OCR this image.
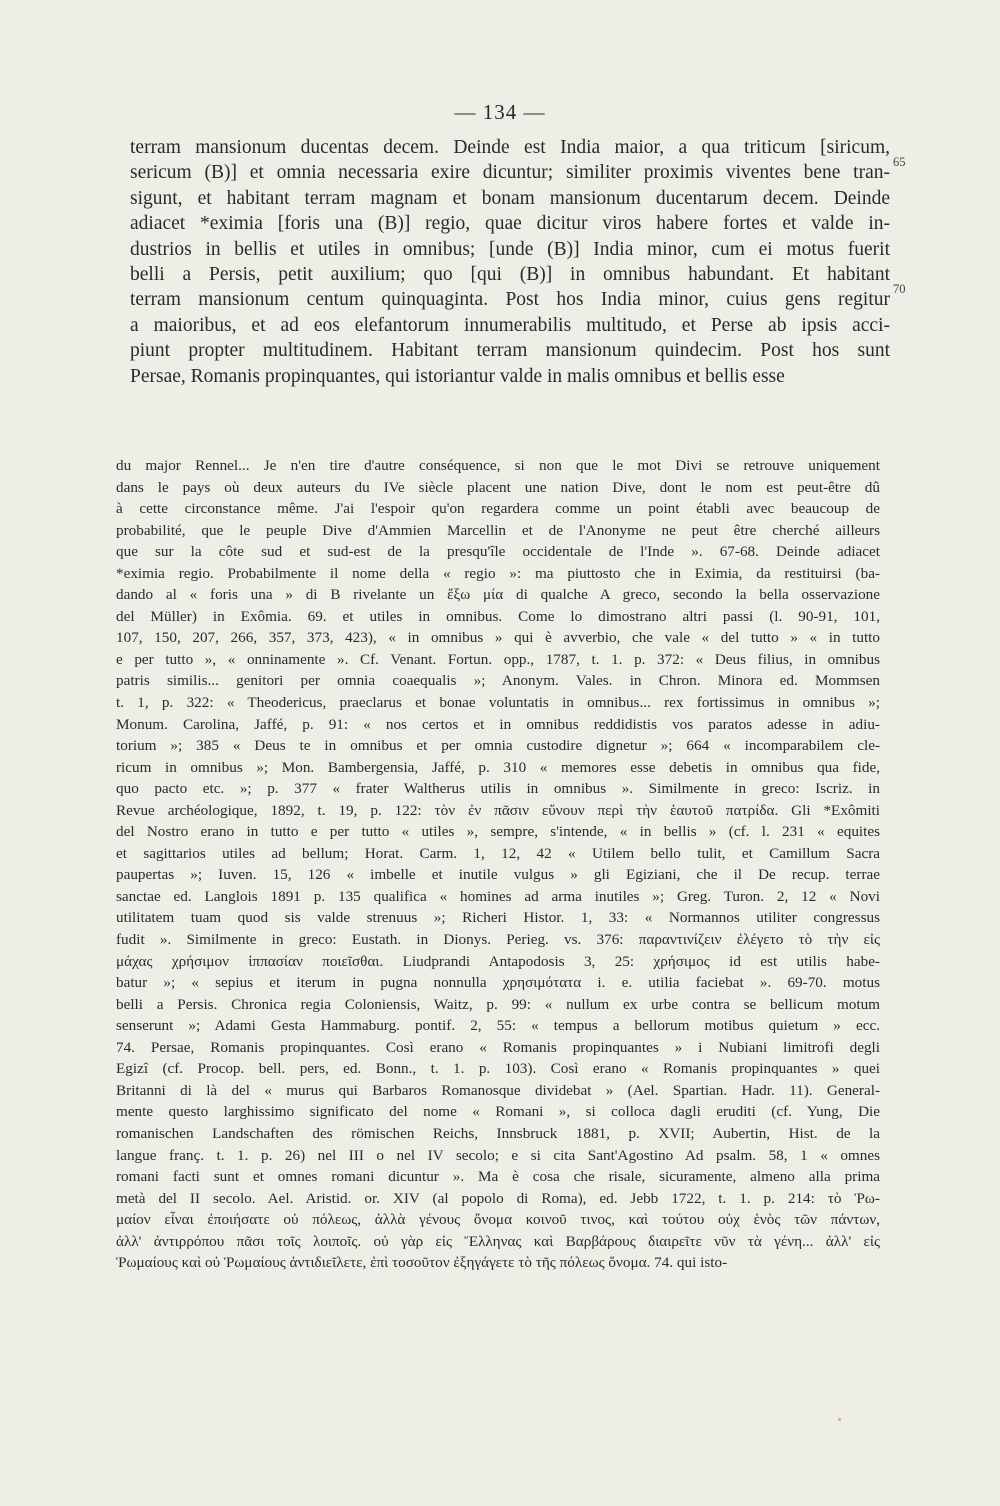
— 134 —
terram mansionum ducentas decem. Deinde est India maior, a qua triticum [siricum,
sericum (B)] et omnia necessaria exire dicuntur; similiter proximis viventes bene tran-
sigunt, et habitant terram magnam et bonam mansionum ducentarum decem. Deinde
adiacet *eximia [foris una (B)] regio, quae dicitur viros habere fortes et valde in-
dustrios in bellis et utiles in omnibus; [unde (B)] India minor, cum ei motus fuerit
belli a Persis, petit auxilium; quo [qui (B)] in omnibus habundant. Et habitant
terram mansionum centum quinquaginta. Post hos India minor, cuius gens regitur
a maioribus, et ad eos elefantorum innumerabilis multitudo, et Perse ab ipsis acci-
piunt propter multitudinem. Habitant terram mansionum quindecim. Post hos sunt
Persae, Romanis propinquantes, qui istoriantur valde in malis omnibus et bellis esse
65
70
du major Rennel... Je n'en tire d'autre conséquence, si non que le mot Divi se retrouve uniquement
dans le pays où deux auteurs du IVe siècle placent une nation Dive, dont le nom est peut-être dû
à cette circonstance même. J'ai l'espoir qu'on regardera comme un point établi avec beaucoup de
probabilité, que le peuple Dive d'Ammien Marcellin et de l'Anonyme ne peut être cherché ailleurs
que sur la côte sud et sud-est de la presqu'île occidentale de l'Inde ». 67-68. Deinde adiacet
*eximia regio. Probabilmente il nome della « regio »: ma piuttosto che in Eximia, da restituirsi (ba-
dando al « foris una » di B rivelante un ἔξω μία di qualche A greco, secondo la bella osservazione
del Müller) in Exômia. 69. et utiles in omnibus. Come lo dimostrano altri passi (l. 90-91, 101,
107, 150, 207, 266, 357, 373, 423), « in omnibus » qui è avverbio, che vale « del tutto » « in tutto
e per tutto », « onninamente ». Cf. Venant. Fortun. opp., 1787, t. 1. p. 372: « Deus filius, in omnibus
patris similis... genitori per omnia coaequalis »; Anonym. Vales. in Chron. Minora ed. Mommsen
t. 1, p. 322: « Theodericus, praeclarus et bonae voluntatis in omnibus... rex fortissimus in omnibus »;
Monum. Carolina, Jaffé, p. 91: « nos certos et in omnibus reddidistis vos paratos adesse in adiu-
torium »; 385 « Deus te in omnibus et per omnia custodire dignetur »; 664 « incomparabilem cle-
ricum in omnibus »; Mon. Bambergensia, Jaffé, p. 310 « memores esse debetis in omnibus qua fide,
quo pacto etc. »; p. 377 « frater Waltherus utilis in omnibus ». Similmente in greco: Iscriz. in
Revue archéologique, 1892, t. 19, p. 122: τὸν ἐν πᾶσιν εὔνουν περὶ τὴν ἑαυτοῦ πατρίδα. Gli *Exômiti
del Nostro erano in tutto e per tutto « utiles », sempre, s'intende, « in bellis » (cf. l. 231 « equites
et sagittarios utiles ad bellum; Horat. Carm. 1, 12, 42 « Utilem bello tulit, et Camillum Sacra
paupertas »; Iuven. 15, 126 « imbelle et inutile vulgus » gli Egiziani, che il De recup. terrae
sanctae ed. Langlois 1891 p. 135 qualifica « homines ad arma inutiles »; Greg. Turon. 2, 12 « Novi
utilitatem tuam quod sis valde strenuus »; Richeri Histor. 1, 33: « Normannos utiliter congressus
fudit ». Similmente in greco: Eustath. in Dionys. Perieg. vs. 376: παραντινίζειν ἐλέγετο τὸ τὴν εἰς
μάχας χρήσιμον ἱππασίαν ποιεῖσθαι. Liudprandi Antapodosis 3, 25: χρήσιμος id est utilis habe-
batur »; « sepius et iterum in pugna nonnulla χρησιμότατα i. e. utilia faciebat ». 69-70. motus
belli a Persis. Chronica regia Coloniensis, Waitz, p. 99: « nullum ex urbe contra se bellicum motum
senserunt »; Adami Gesta Hammaburg. pontif. 2, 55: « tempus a bellorum motibus quietum » ecc.
74. Persae, Romanis propinquantes. Così erano « Romanis propinquantes » i Nubiani limitrofi degli
Egizî (cf. Procop. bell. pers, ed. Bonn., t. 1. p. 103). Così erano « Romanis propinquantes » quei
Britanni di là del « murus qui Barbaros Romanosque dividebat » (Ael. Spartian. Hadr. 11). General-
mente questo larghissimo significato del nome « Romani », si colloca dagli eruditi (cf. Yung, Die
romanischen Landschaften des römischen Reichs, Innsbruck 1881, p. XVII; Aubertin, Hist. de la
langue franç. t. 1. p. 26) nel III o nel IV secolo; e si cita Sant'Agostino Ad psalm. 58, 1 « omnes
romani facti sunt et omnes romani dicuntur ». Ma è cosa che risale, sicuramente, almeno alla prima
metà del II secolo. Ael. Aristid. or. XIV (al popolo di Roma), ed. Jebb 1722, t. 1. p. 214: τὸ Ῥω-
μαίον εἶναι ἐποιήσατε οὐ πόλεως, ἀλλὰ γένους ὄνομα κοινοῦ τινος, καὶ τούτου οὐχ ἑνὸς τῶν πάντων,
ἀλλ' ἀντιρρόπου πᾶσι τοῖς λοιποῖς. οὐ γὰρ εἰς Ἕλληνας καὶ Βαρβάρους διαιρεῖτε νῦν τὰ γένη... ἀλλ' εἰς
Ῥωμαίους καὶ οὐ Ῥωμαίους ἀντιδιεῖλετε, ἐπὶ τοσοῦτον ἐξηγάγετε τὸ τῆς πόλεως ὄνομα. 74. qui isto-
